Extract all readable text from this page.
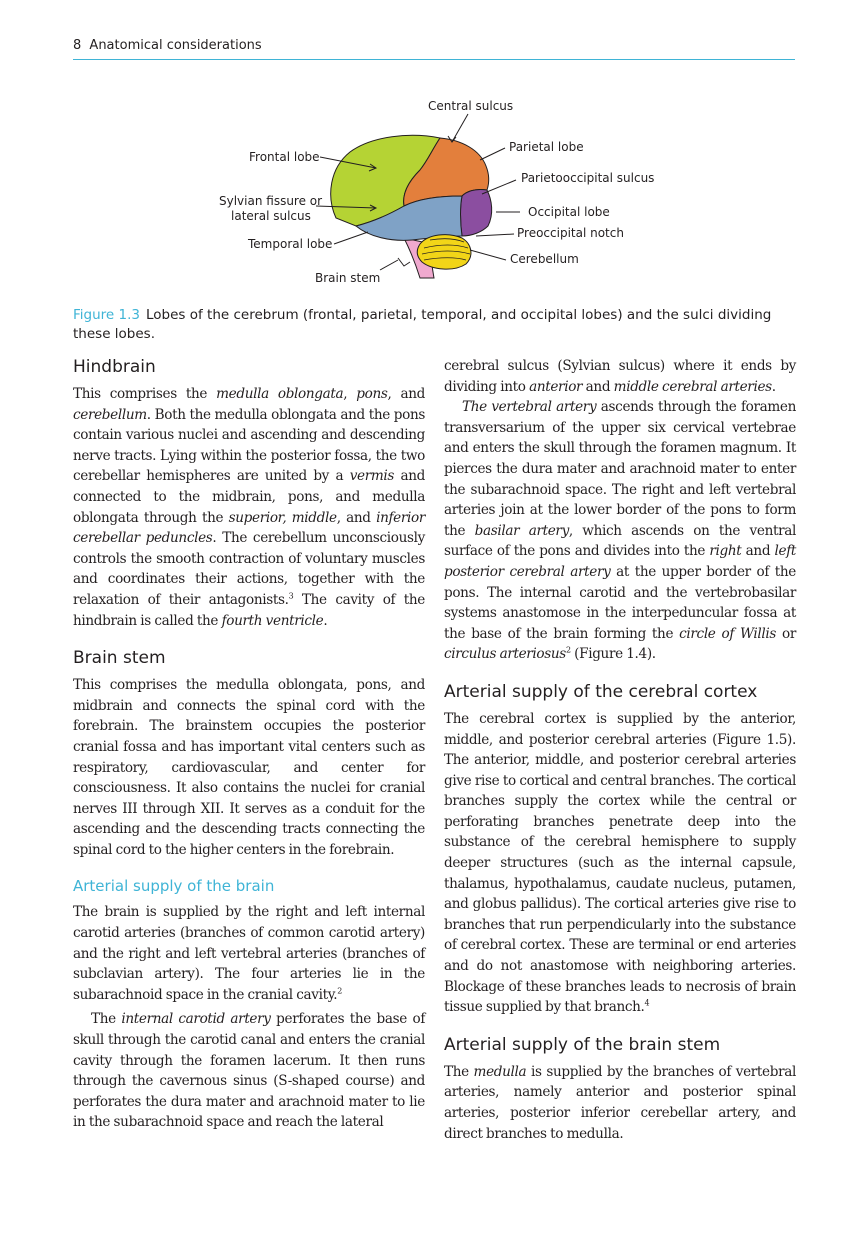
8 Anatomical considerations
Central sulcus
Frontal lobe
Parietal lobe
Parietooccipital sulcus
Sylvian fissure or
lateral sulcus	Occipital lobe
Temporal lobe
Preoccipital notch
Cerebellum
Brain stem
Figure 1.3 Lobes of the cerebrum (frontal, parietal, temporal, and occipital lobes) and the sulci dividing these lobes.
Hindbrain

This comprises the medulla oblongata, pons, and cerebellum. Both the medulla oblongata and the pons contain various nuclei and ascending and descending nerve tracts. Lying within the posterior fossa, the two cerebellar hemispheres are united by a vermis and connected to the midbrain, pons, and medulla oblongata through the superior, middle, and inferior cerebellar peduncles. The cerebellum unconsciously controls the smooth contraction of voluntary muscles and coordinates their actions, together with the relaxation of their antagonists.$^3$ The cavity of the hindbrain is called the fourth ventricle.

Brain stem

This comprises the medulla oblongata, pons, and midbrain and connects the spinal cord with the forebrain. The brainstem occupies the posterior cranial fossa and has important vital centers such as respiratory, cardiovascular, and center for consciousness. It also contains the nuclei for cranial nerves III through XII. It serves as a conduit for the ascending and the descending tracts connecting the spinal cord to the higher centers in the forebrain.

Arterial supply of the brain

The brain is supplied by the right and left internal carotid arteries (branches of common carotid artery) and the right and left vertebral arteries (branches of subclavian artery). The four arteries lie in the subarachnoid space in the cranial cavity.$^2$

The internal carotid artery perforates the base of skull through the carotid canal and enters the cranial cavity through the foramen lacerum. It then runs through the cavernous sinus (S-shaped course) and perforates the dura mater and arachnoid mater to lie in the subarachnoid space and reach the lateral

cerebral sulcus (Sylvian sulcus) where it ends by dividing into anterior and middle cerebral arteries.

The vertebral artery ascends through the foramen transversarium of the upper six cervical vertebrae and enters the skull through the foramen magnum. It pierces the dura mater and arachnoid mater to enter the subarachnoid space. The right and left vertebral arteries join at the lower border of the pons to form the basilar artery, which ascends on the ventral surface of the pons and divides into the right and left posterior cerebral artery at the upper border of the pons. The internal carotid and the vertebrobasilar systems anastomose in the interpeduncular fossa at the base of the brain forming the circle of Willis or circulus arteriosus$^2$ (Figure 1.4).

Arterial supply of the cerebral cortex

The cerebral cortex is supplied by the anterior, middle, and posterior cerebral arteries (Figure 1.5). The anterior, middle, and posterior cerebral arteries give rise to cortical and central branches. The cortical branches supply the cortex while the central or perforating branches penetrate deep into the substance of the cerebral hemisphere to supply deeper structures (such as the internal capsule, thalamus, hypothalamus, caudate nucleus, putamen, and globus pallidus). The cortical arteries give rise to branches that run perpendicularly into the substance of cerebral cortex. These are terminal or end arteries and do not anastomose with neighboring arteries. Blockage of these branches leads to necrosis of brain tissue supplied by that branch.$^4$

Arterial supply of the brain stem

The medulla is supplied by the branches of vertebral arteries, namely anterior and posterior spinal arteries, posterior inferior cerebellar artery, and direct branches to medulla.
